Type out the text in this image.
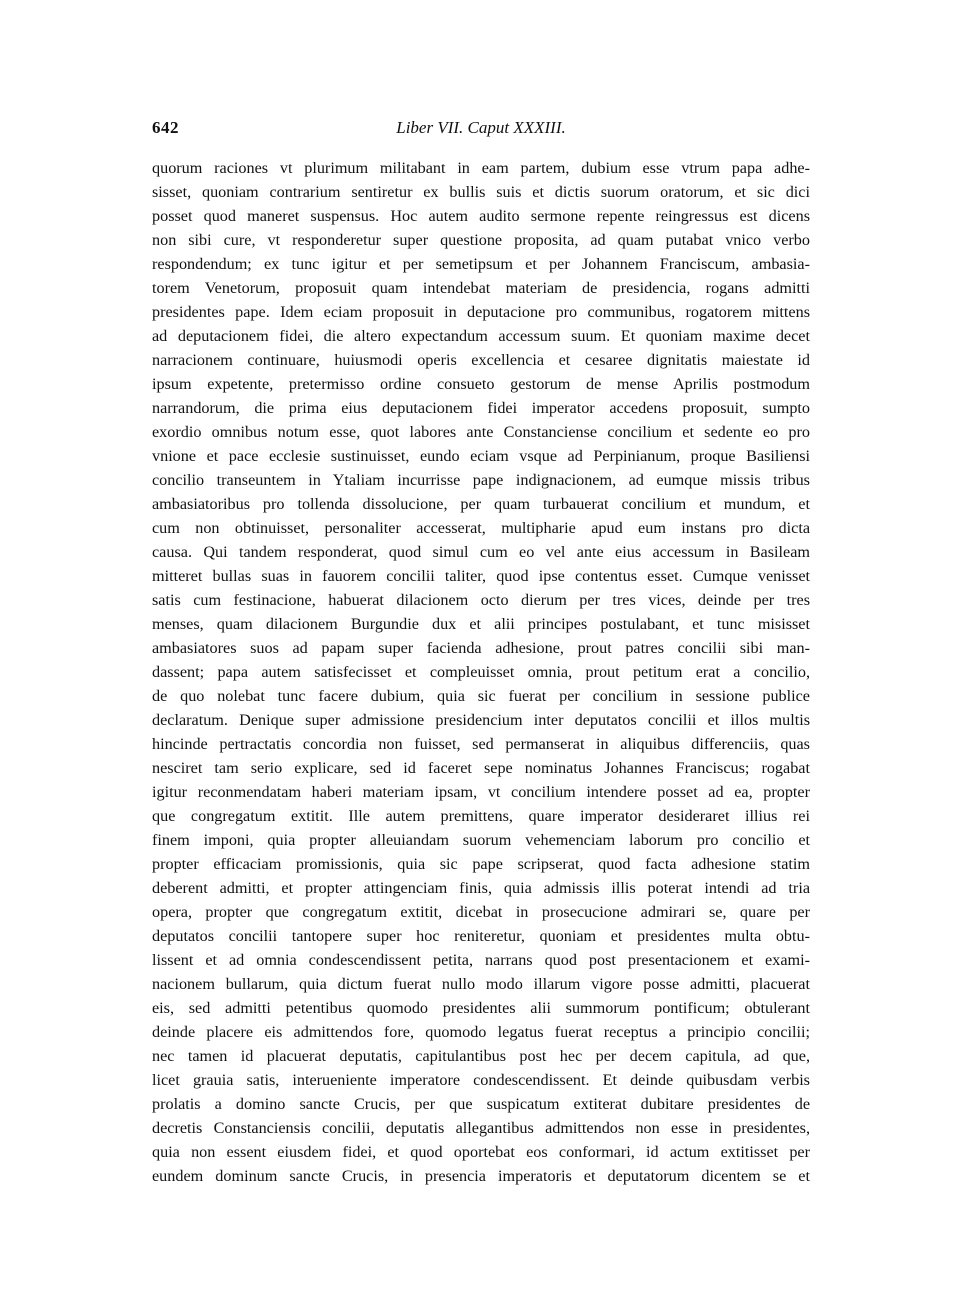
642	Liber VII. Caput XXXIII.
quorum raciones vt plurimum militabant in eam partem, dubium esse vtrum papa adhe-
sisset, quoniam contrarium sentiretur ex bullis suis et dictis suorum oratorum, et sic dici
posset quod maneret suspensus. Hoc autem audito sermone repente reingressus est dicens
non sibi cure, vt responderetur super questione proposita, ad quam putabat vnico verbo
respondendum; ex tunc igitur et per semetipsum et per Johannem Franciscum, ambasia-
torem Venetorum, proposuit quam intendebat materiam de presidencia, rogans admitti
presidentes pape. Idem eciam proposuit in deputacione pro communibus, rogatorem mittens
ad deputacionem fidei, die altero expectandum accessum suum. Et quoniam maxime decet
narracionem continuare, huiusmodi operis excellencia et cesaree dignitatis maiestate id
ipsum expetente, pretermisso ordine consueto gestorum de mense Aprilis postmodum
narrandorum, die prima eius deputacionem fidei imperator accedens proposuit, sumpto
exordio omnibus notum esse, quot labores ante Constanciense concilium et sedente eo pro
vnione et pace ecclesie sustinuisset, eundo eciam vsque ad Perpinianum, proque Basiliensi
concilio transeuntem in Ytaliam incurrisse pape indignacionem, ad eumque missis tribus
ambasiatoribus pro tollenda dissolucione, per quam turbauerat concilium et mundum, et
cum non obtinuisset, personaliter accesserat, multipharie apud eum instans pro dicta
causa. Qui tandem responderat, quod simul cum eo vel ante eius accessum in Basileam
mitteret bullas suas in fauorem concilii taliter, quod ipse contentus esset. Cumque venisset
satis cum festinacione, habuerat dilacionem octo dierum per tres vices, deinde per tres
menses, quam dilacionem Burgundie dux et alii principes postulabant, et tunc misisset
ambasiatores suos ad papam super facienda adhesione, prout patres concilii sibi man-
dassent; papa autem satisfecisset et compleuisset omnia, prout petitum erat a concilio,
de quo nolebat tunc facere dubium, quia sic fuerat per concilium in sessione publice
declaratum. Denique super admissione presidencium inter deputatos concilii et illos multis
hincinde pertractatis concordia non fuisset, sed permanserat in aliquibus differenciis, quas
nesciret tam serio explicare, sed id faceret sepe nominatus Johannes Franciscus; rogabat
igitur reconmendatam haberi materiam ipsam, vt concilium intendere posset ad ea, propter
que congregatum extitit. Ille autem premittens, quare imperator desideraret illius rei
finem imponi, quia propter alleuiandam suorum vehemenciam laborum pro concilio et
propter efficaciam promissionis, quia sic pape scripserat, quod facta adhesione statim
deberent admitti, et propter attingenciam finis, quia admissis illis poterat intendi ad tria
opera, propter que congregatum extitit, dicebat in prosecucione admirari se, quare per
deputatos concilii tantopere super hoc reniteretur, quoniam et presidentes multa obtu-
lissent et ad omnia condescendissent petita, narrans quod post presentacionem et exami-
nacionem bullarum, quia dictum fuerat nullo modo illarum vigore posse admitti, placuerat
eis, sed admitti petentibus quomodo presidentes alii summorum pontificum; obtulerant
deinde placere eis admittendos fore, quomodo legatus fuerat receptus a principio concilii;
nec tamen id placuerat deputatis, capitulantibus post hec per decem capitula, ad que,
licet grauia satis, interueniente imperatore condescendissent. Et deinde quibusdam verbis
prolatis a domino sancte Crucis, per que suspicatum extiterat dubitare presidentes de
decretis Constanciensis concilii, deputatis allegantibus admittendos non esse in presidentes,
quia non essent eiusdem fidei, et quod oportebat eos conformari, id actum extitisset per
eundem dominum sancte Crucis, in presencia imperatoris et deputatorum dicentem se et
